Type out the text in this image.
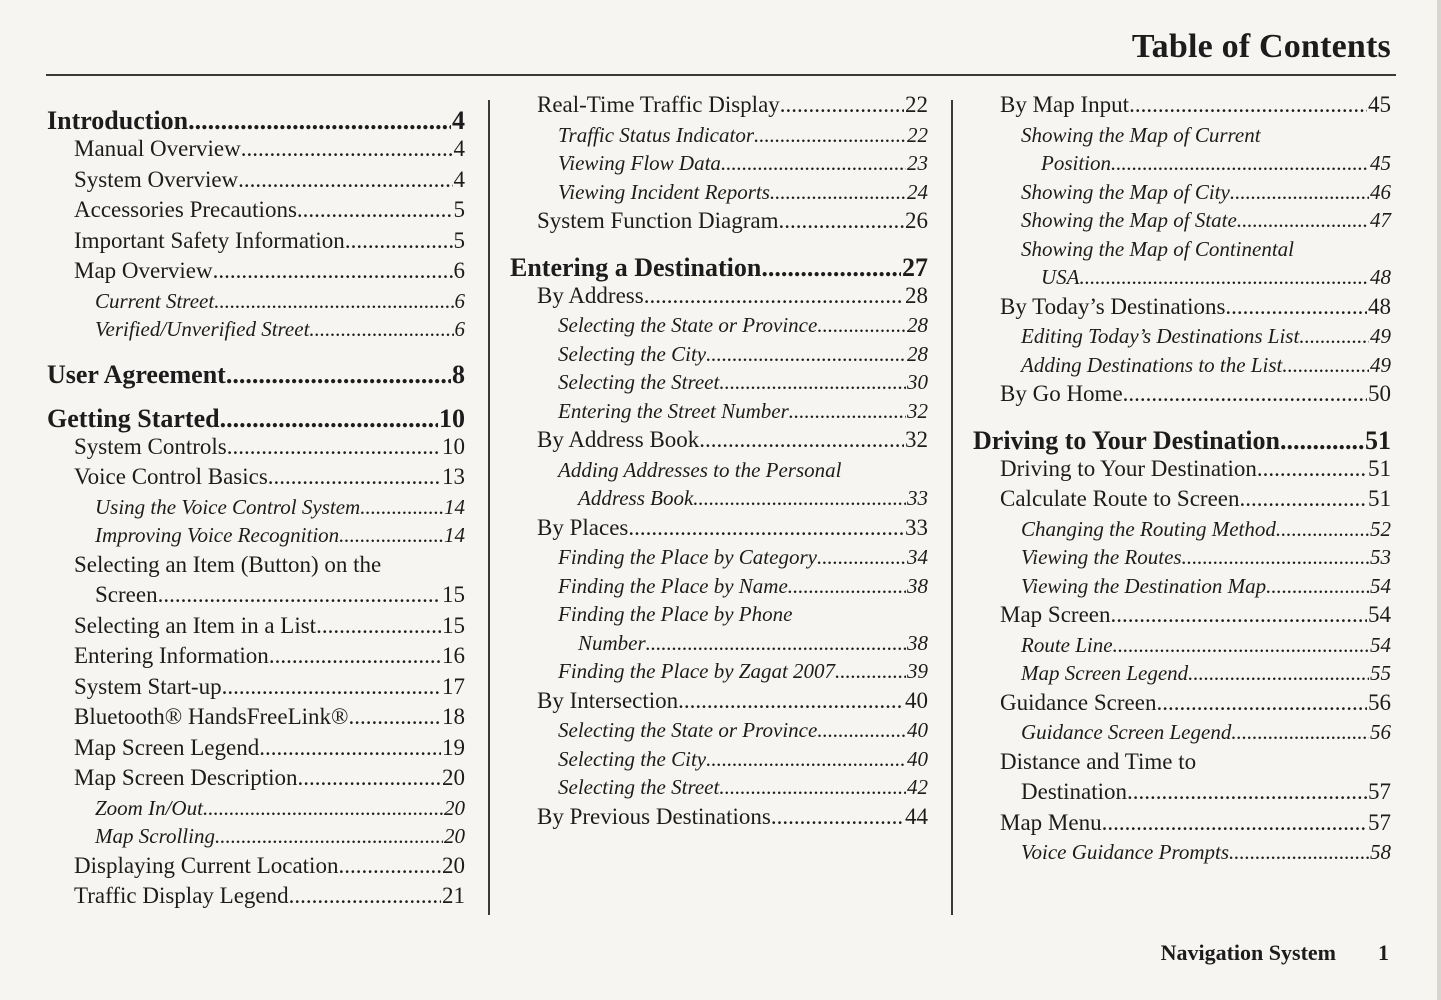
Table of Contents
Introduction .....	4
Manual Overview .....	4
System Overview .....	4
Accessories Precautions .....	5
Important Safety Information .....	5
Map Overview .....	6
Current Street .....	6
Verified/Unverified Street .....	6
User Agreement .....	8
Getting Started .....	10
System Controls .....	10
Voice Control Basics .....	13
Using the Voice Control System .....	14
Improving Voice Recognition .....	14
Selecting an Item (Button) on the
Screen .....	15
Selecting an Item in a List .....	15
Entering Information .....	16
System Start-up .....	17
Bluetooth® HandsFreeLink® .....	18
Map Screen Legend .....	19
Map Screen Description .....	20
Zoom In/Out .....	20
Map Scrolling .....	20
Displaying Current Location .....	20
Traffic Display Legend .....	21
Real-Time Traffic Display .....	22
Traffic Status Indicator .....	22
Viewing Flow Data .....	23
Viewing Incident Reports .....	24
System Function Diagram .....	26
Entering a Destination .....	27
By Address .....	28
Selecting the State or Province .....	28
Selecting the City .....	28
Selecting the Street .....	30
Entering the Street Number .....	32
By Address Book .....	32
Adding Addresses to the Personal
Address Book .....	33
By Places .....	33
Finding the Place by Category .....	34
Finding the Place by Name .....	38
Finding the Place by Phone
Number .....	38
Finding the Place by Zagat 2007 .....	39
By Intersection .....	40
Selecting the State or Province .....	40
Selecting the City .....	40
Selecting the Street .....	42
By Previous Destinations .....	44
By Map Input .....	45
Showing the Map of Current
Position .....	45
Showing the Map of City .....	46
Showing the Map of State .....	47
Showing the Map of Continental
USA .....	48
By Today’s Destinations .....	48
Editing Today’s Destinations List .....	49
Adding Destinations to the List .....	49
By Go Home .....	50
Driving to Your Destination .....	51
Driving to Your Destination .....	51
Calculate Route to Screen .....	51
Changing the Routing Method .....	52
Viewing the Routes .....	53
Viewing the Destination Map .....	54
Map Screen .....	54
Route Line .....	54
Map Screen Legend .....	55
Guidance Screen .....	56
Guidance Screen Legend .....	56
Distance and Time to
Destination .....	57
Map Menu .....	57
Voice Guidance Prompts .....	58
Navigation System 1
